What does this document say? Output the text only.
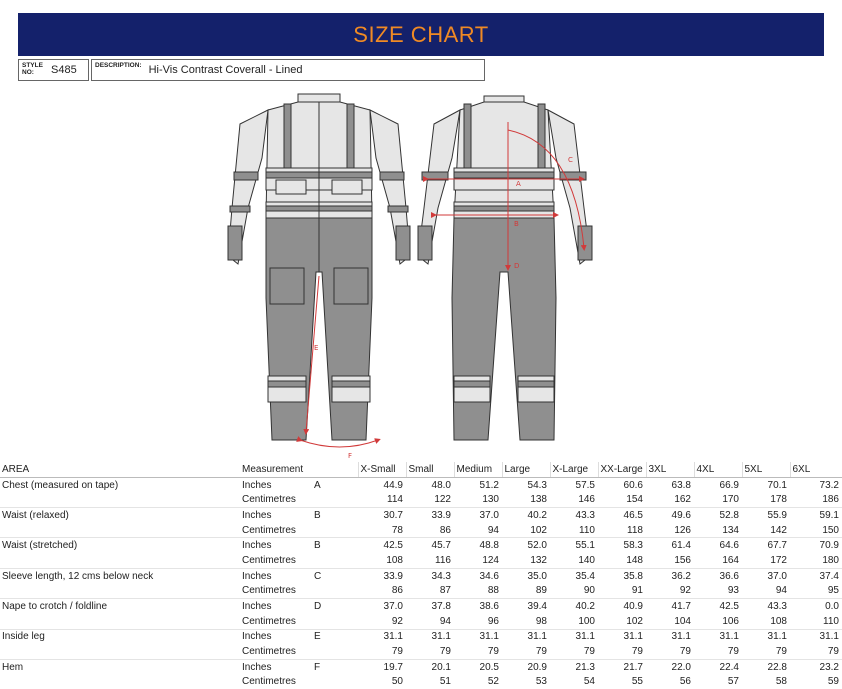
SIZE CHART
STYLE NO:	S485	DESCRIPTION: Hi-Vis Contrast Coverall - Lined
A
B
C
D
E
F
AREA	Measurement		X-Small	Small	Medium	Large	X-Large	XX-Large	3XL	4XL	5XL	6XL
Chest (measured on tape)	Inches	A	44.9	48.0	51.2	54.3	57.5	60.6	63.8	66.9	70.1	73.2
	Centimetres		114	122	130	138	146	154	162	170	178	186
Waist (relaxed)	Inches	B	30.7	33.9	37.0	40.2	43.3	46.5	49.6	52.8	55.9	59.1
	Centimetres		78	86	94	102	110	118	126	134	142	150
Waist (stretched)	Inches	B	42.5	45.7	48.8	52.0	55.1	58.3	61.4	64.6	67.7	70.9
	Centimetres		108	116	124	132	140	148	156	164	172	180
Sleeve length, 12 cms below neck	Inches	C	33.9	34.3	34.6	35.0	35.4	35.8	36.2	36.6	37.0	37.4
	Centimetres		86	87	88	89	90	91	92	93	94	95
Nape to crotch / foldline	Inches	D	37.0	37.8	38.6	39.4	40.2	40.9	41.7	42.5	43.3	0.0
	Centimetres		92	94	96	98	100	102	104	106	108	110
Inside leg	Inches	E	31.1	31.1	31.1	31.1	31.1	31.1	31.1	31.1	31.1	31.1
	Centimetres		79	79	79	79	79	79	79	79	79	79
Hem	Inches	F	19.7	20.1	20.5	20.9	21.3	21.7	22.0	22.4	22.8	23.2
	Centimetres		50	51	52	53	54	55	56	57	58	59
